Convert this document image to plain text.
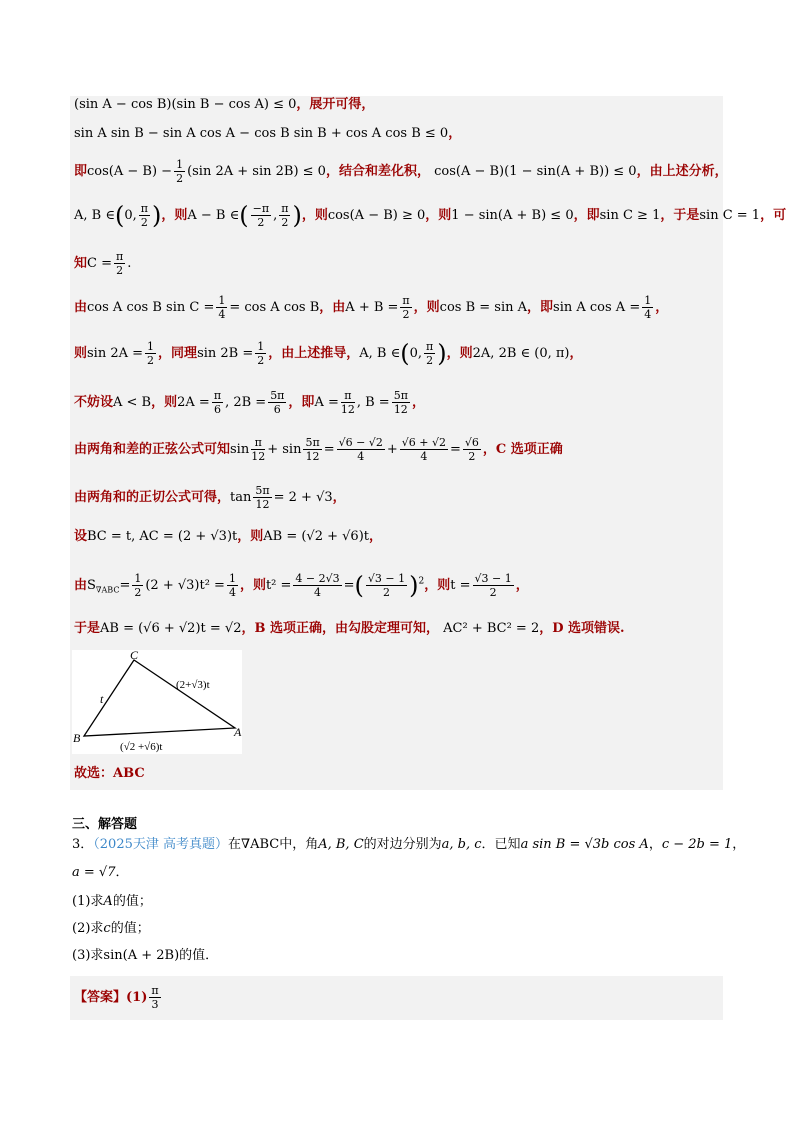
(sin A − cos B)(sin B − cos A) ≤ 0，展开可得，
sin A sin B − sin A cos A − cos B sin B + cos A cos B ≤ 0，
即$\cos(A - B) - \frac{1}{2} (\sin$ 2A + sin 2B) ≤ 0，结合和差化积， cos(A − B)(1 − sin(A + B)) ≤ 0，由上述分析，
A, B ∈(0, $\frac{\pi}{2}$ )，则A − B ∈( $\frac{-\pi}{2}$ , $\frac{\pi}{2}$ )，则cos(A − B) ≥ 0，则1 − sin(A + B) ≤ 0，即sin C ≥ 1，于是sin C = 1，可
知$C = \frac{\pi}{2}$ .
由cos A cos B $\sin C = \frac{1}{4} = \cos A$ cos B，由$A + B = \frac{\pi}{2}$ ，则cos B = sin A，即sin A $\cos A = \frac{1}{4}$ ，
则$\sin 2A = \frac{1}{2}$ ，同理$\sin 2B = \frac{1}{2}$ ，由上述推导，A, B ∈(0, $\frac{\pi}{2}$ )，则2A, 2B ∈ (0, π)，
不妨设A < B，则$2A = \frac{\pi}{6}$ , $2B = \frac{5\pi}{6}$ ，即$A = \frac{\pi}{12}$ , $B = \frac{5\pi}{12}$ ，
由两角和差的正弦公式可知$\sin \frac{\pi}{12} + \sin \frac{5\pi}{12} = \frac{√6 - √2}{4} + \frac{√6 + √2}{4} = \frac{√6}{2}$ ，C 选项正确
由两角和的正切公式可得，$\tan \frac{5\pi}{12} = 2 + √3$，
设BC = t, AC = (2 + √3)t，则AB = (√2 + √6)t，
由$S_{\nabla ABC}= \frac{1}{2} (2 + √3)t^2 = \frac{1}{4}$ ，则$t^2 = \frac{4 - 2√3}{4}$ =( $\frac{√3 - 1}{2} )^2$，则$t = \frac{√3 - 1}{2}$ ，
于是AB = (√6 + √2)t = √2，B 选项正确，由勾股定理可知， AC² + BC² = 2，D 选项错误.
C
B	A
t
(2+√3)t
(√2 +√6)t
故选：ABC
三、解答题
3．（2025天津 高考真题）在∇ABC中，角A, B, C的对边分别为a, b, c．已知a sin B = √3b cos A，c − 2b = 1，
a = √7．
(1)求A的值；
(2)求c的值；
(3)求sin(A + 2B)的值．
【答案】$(1) \frac{\pi}{3}$
